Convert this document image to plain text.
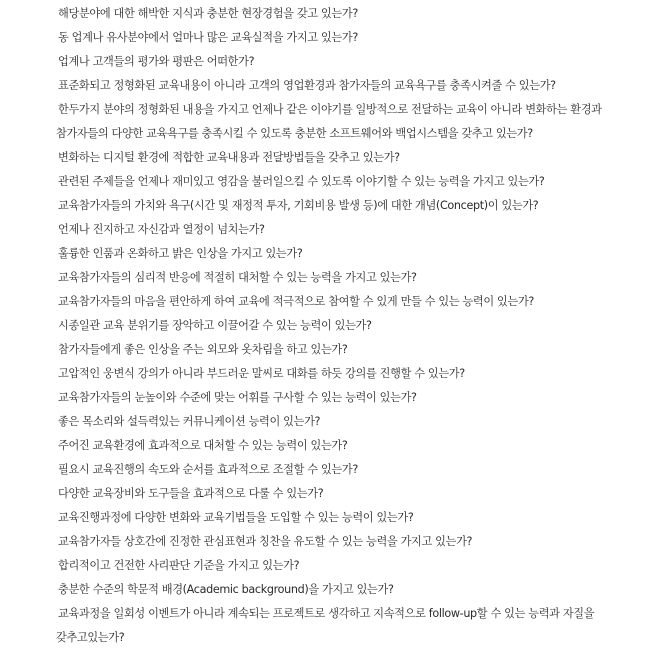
해당분야에 대한 해박한 지식과 충분한 현장경험을 갖고 있는가?
동 업계나 유사분야에서 얼마나 많은 교육실적을 가지고 있는가?
업계나 고객들의 평가와 평판은 어떠한가?
표준화되고 정형화된 교육내용이 아니라 고객의 영업환경과 참가자들의 교육욕구를 충족시켜줄 수 있는가?
한두가지 분야의 정형화된 내용을 가지고 언제나 같은 이야기를 일방적으로 전달하는 교육이 아니라 변화하는 환경과
참가자들의 다양한 교육욕구를 충족시킬 수 있도록 충분한 소프트웨어와 백업시스템을 갖추고 있는가?
변화하는 디지털 환경에 적합한 교육내용과 전달방법들을 갖추고 있는가?
관련된 주제들을 언제나 재미있고 영감을 불러일으킬 수 있도록 이야기할 수 있는 능력을 가지고 있는가?
교육참가자들의 가치와 욕구(시간 및 재정적 투자, 기회비용 발생 등)에 대한 개념(Concept)이 있는가?
언제나 진지하고 자신감과 열정이 넘치는가?
훌륭한 인품과 온화하고 밝은 인상을 가지고 있는가?
교육참가자들의 심리적 반응에 적절히 대처할 수 있는 능력을 가지고 있는가?
교육참가자들의 마음을 편안하게 하여 교육에 적극적으로 참여할 수 있게 만들 수 있는 능력이 있는가?
시종일관 교육 분위기를 장악하고 이끌어갈 수 있는 능력이 있는가?
참가자들에게 좋은 인상을 주는 외모와 옷차림을 하고 있는가?
고압적인 웅변식 강의가 아니라 부드러운 말씨로 대화를 하듯 강의를 진행할 수 있는가?
교육참가자들의 눈높이와 수준에 맞는 어휘를 구사할 수 있는 능력이 있는가?
좋은 목소리와 설득력있는 커뮤니케이션 능력이 있는가?
주어진 교육환경에 효과적으로 대처할 수 있는 능력이 있는가?
필요시 교육진행의 속도와 순서를 효과적으로 조절할 수 있는가?
다양한 교육장비와 도구들을 효과적으로 다룰 수 있는가?
교육진행과정에 다양한 변화와 교육기법들을 도입할 수 있는 능력이 있는가?
교육참가자들 상호간에 진정한 관심표현과 칭찬을 유도할 수 있는 능력을 가지고 있는가?
합리적이고 건전한 사리판단 기준을 가지고 있는가?
충분한 수준의 학문적 배경(Academic background)을 가지고 있는가?
교육과정을 일회성 이벤트가 아니라 계속되는 프로젝트로 생각하고 지속적으로 follow-up할 수 있는 능력과 자질을
갖추고있는가?
